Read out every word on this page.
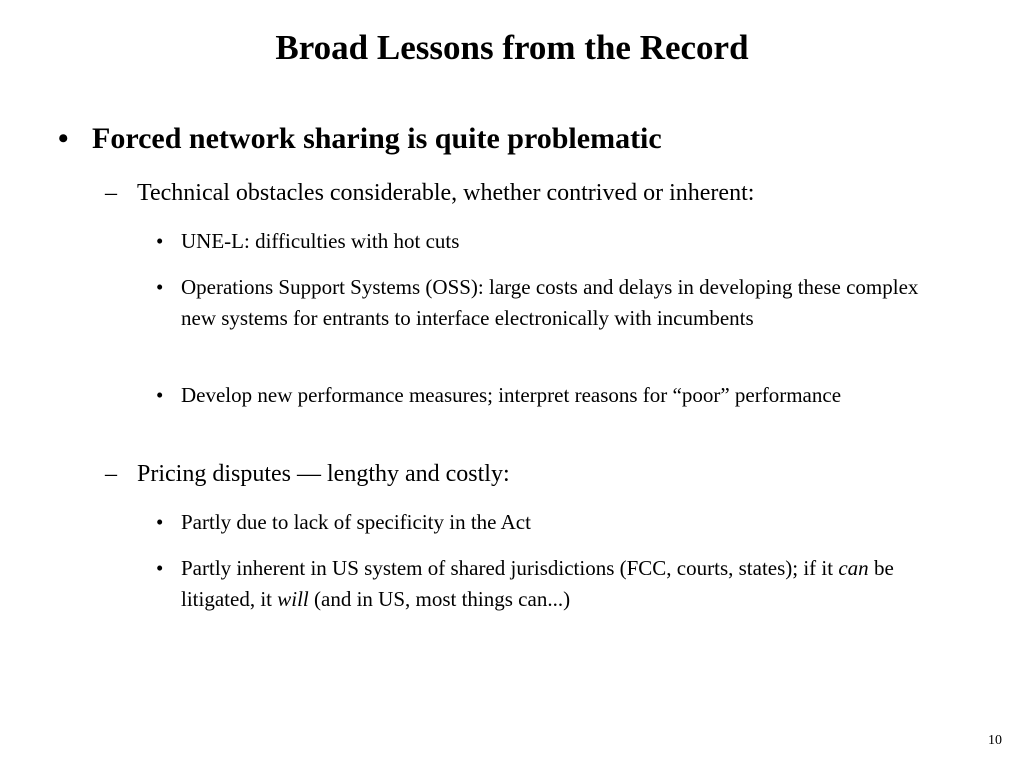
Broad Lessons from the Record
• Forced network sharing is quite problematic
– Technical obstacles considerable, whether contrived or inherent:
• UNE-L: difficulties with hot cuts
• Operations Support Systems (OSS): large costs and delays in developing these complex new systems for entrants to interface electronically with incumbents
• Develop new performance measures; interpret reasons for “poor” performance
– Pricing disputes — lengthy and costly:
• Partly due to lack of specificity in the Act
• Partly inherent in US system of shared jurisdictions (FCC, courts, states); if it can be litigated, it will (and in US, most things can...)
10
